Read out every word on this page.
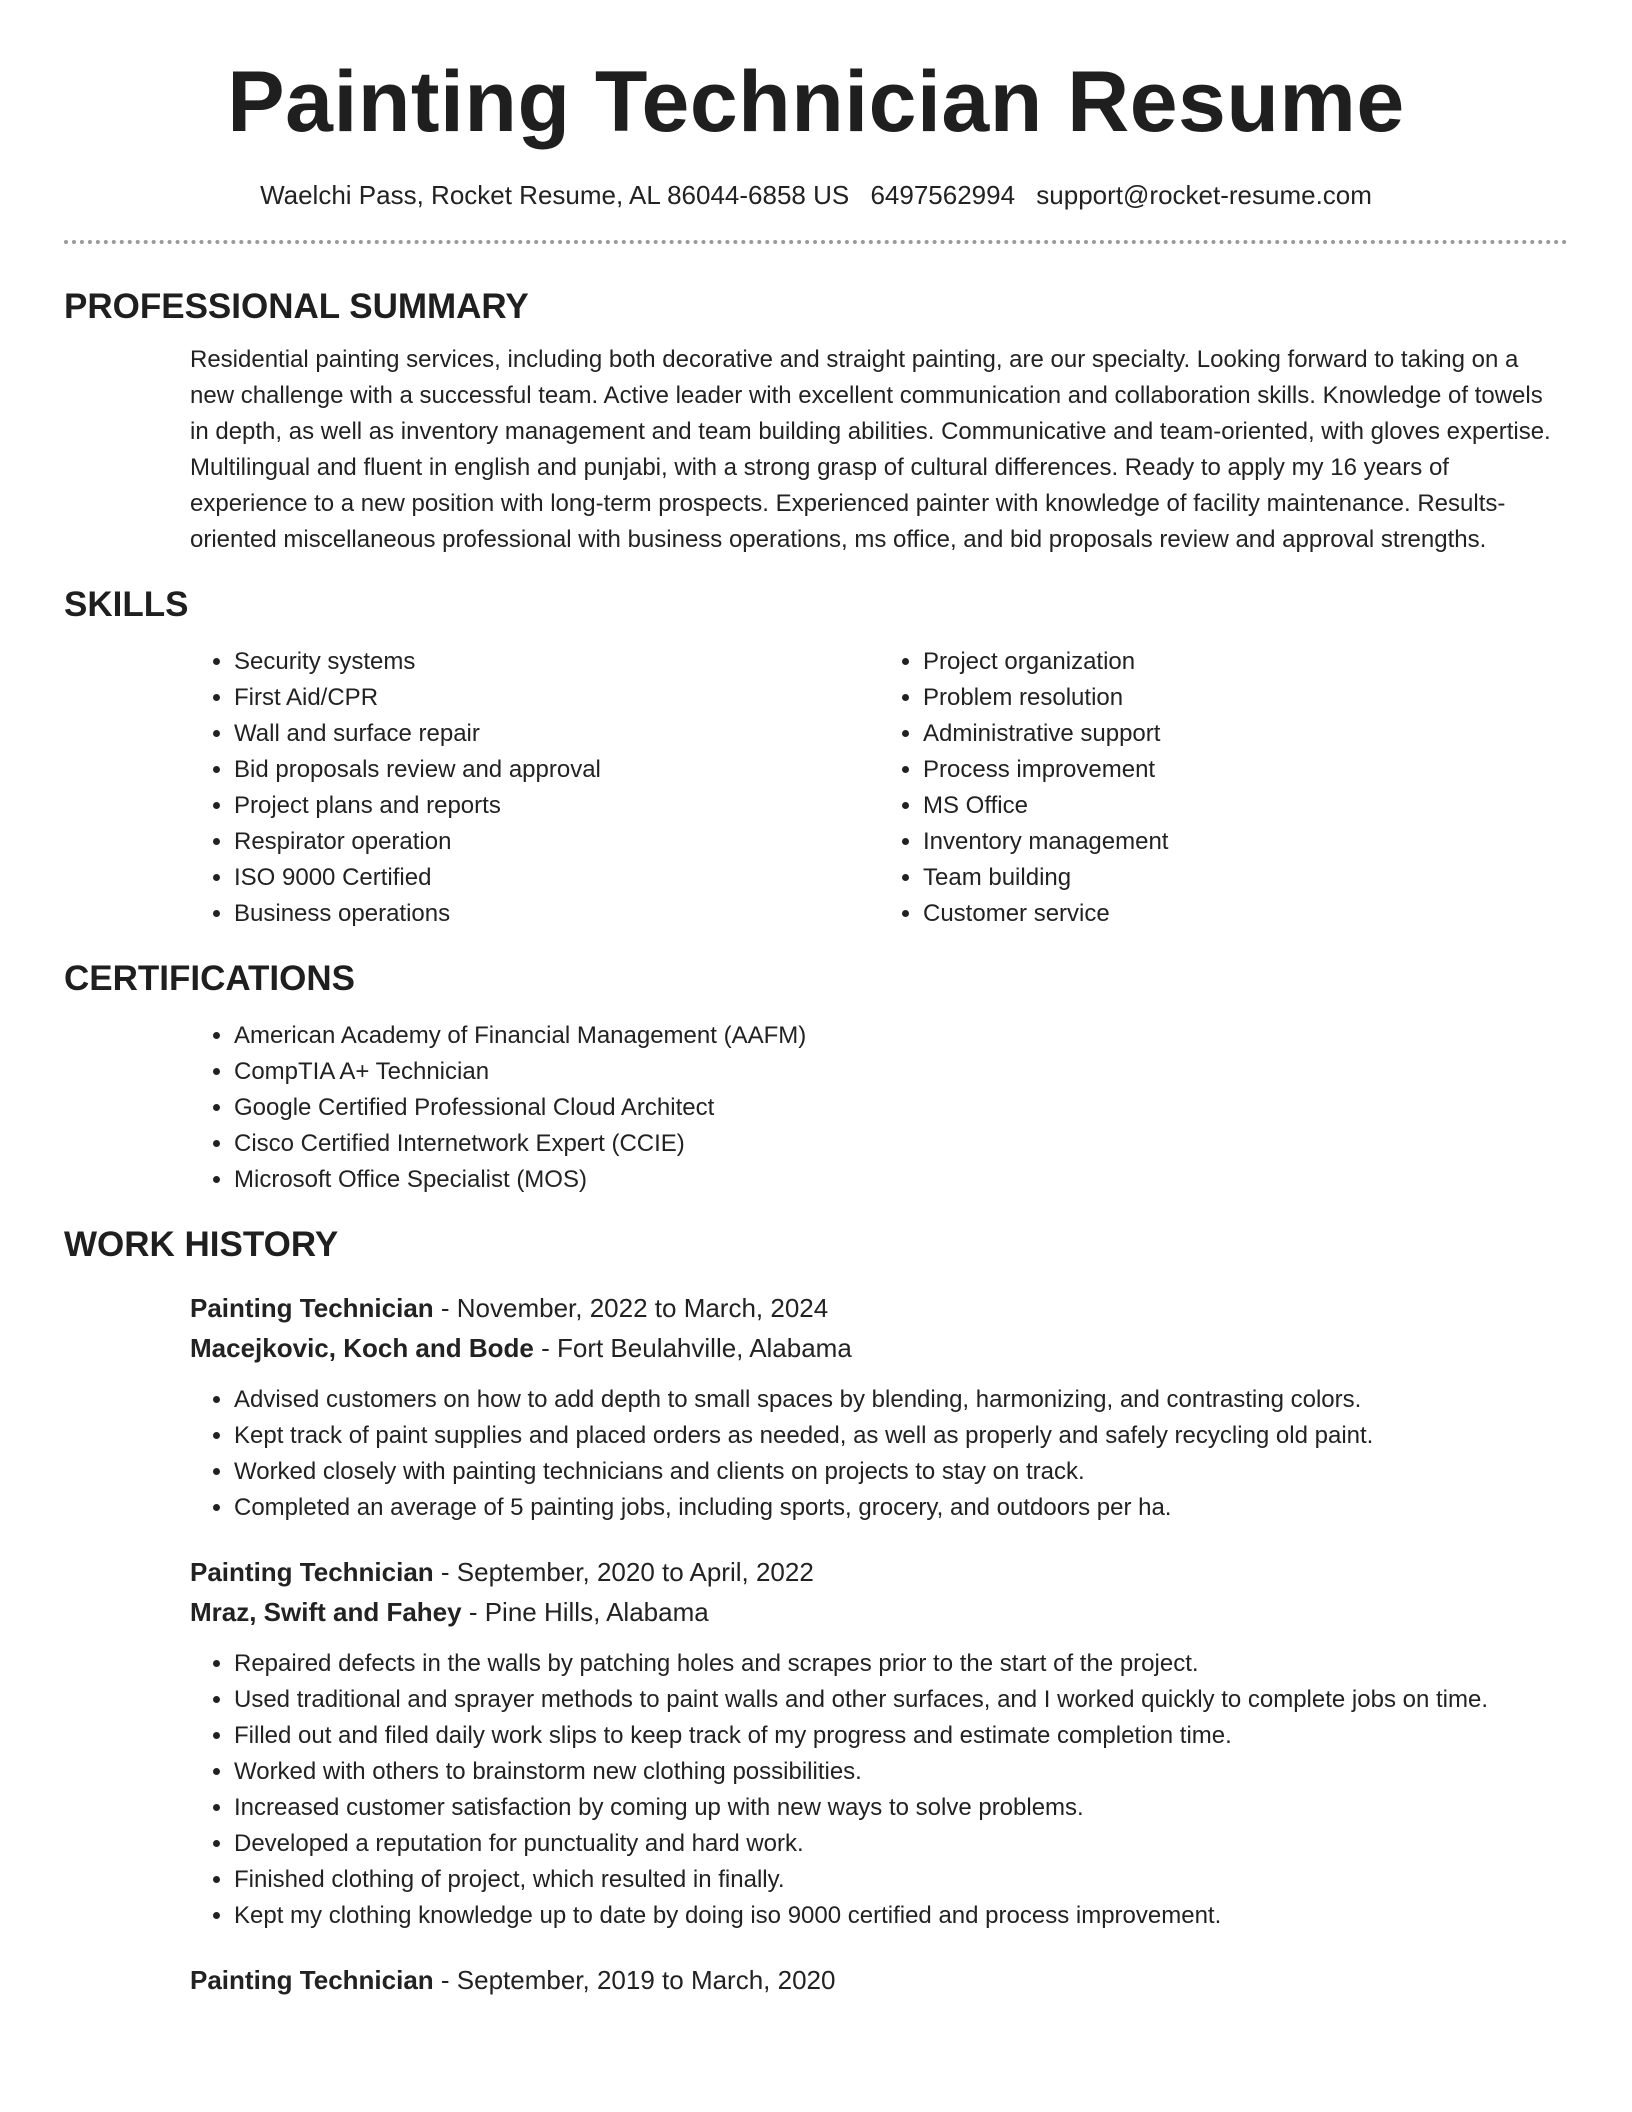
Painting Technician Resume
Waelchi Pass, Rocket Resume, AL 86044-6858 US 6497562994 support@rocket-resume.com
PROFESSIONAL SUMMARY

Residential painting services, including both decorative and straight painting, are our specialty. Looking forward to taking on a new challenge with a successful team. Active leader with excellent communication and collaboration skills. Knowledge of towels in depth, as well as inventory management and team building abilities. Communicative and team-oriented, with gloves expertise. Multilingual and fluent in english and punjabi, with a strong grasp of cultural differences. Ready to apply my 16 years of experience to a new position with long-term prospects. Experienced painter with knowledge of facility maintenance. Results-oriented miscellaneous professional with business operations, ms office, and bid proposals review and approval strengths.

SKILLS
• Security systems
• First Aid/CPR
• Wall and surface repair
• Bid proposals review and approval
• Project plans and reports
• Respirator operation
• ISO 9000 Certified
• Business operations
• Project organization
• Problem resolution
• Administrative support
• Process improvement
• MS Office
• Inventory management
• Team building
• Customer service
CERTIFICATIONS
• American Academy of Financial Management (AAFM)
• CompTIA A+ Technician
• Google Certified Professional Cloud Architect
• Cisco Certified Internetwork Expert (CCIE)
• Microsoft Office Specialist (MOS)
WORK HISTORY
Painting Technician - November, 2022 to March, 2024
Macejkovic, Koch and Bode - Fort Beulahville, Alabama
• Advised customers on how to add depth to small spaces by blending, harmonizing, and contrasting colors.
• Kept track of paint supplies and placed orders as needed, as well as properly and safely recycling old paint.
• Worked closely with painting technicians and clients on projects to stay on track.
• Completed an average of 5 painting jobs, including sports, grocery, and outdoors per ha.
Painting Technician - September, 2020 to April, 2022
Mraz, Swift and Fahey - Pine Hills, Alabama
• Repaired defects in the walls by patching holes and scrapes prior to the start of the project.
• Used traditional and sprayer methods to paint walls and other surfaces, and I worked quickly to complete jobs on time.
• Filled out and filed daily work slips to keep track of my progress and estimate completion time.
• Worked with others to brainstorm new clothing possibilities.
• Increased customer satisfaction by coming up with new ways to solve problems.
• Developed a reputation for punctuality and hard work.
• Finished clothing of project, which resulted in finally.
• Kept my clothing knowledge up to date by doing iso 9000 certified and process improvement.
Painting Technician - September, 2019 to March, 2020
